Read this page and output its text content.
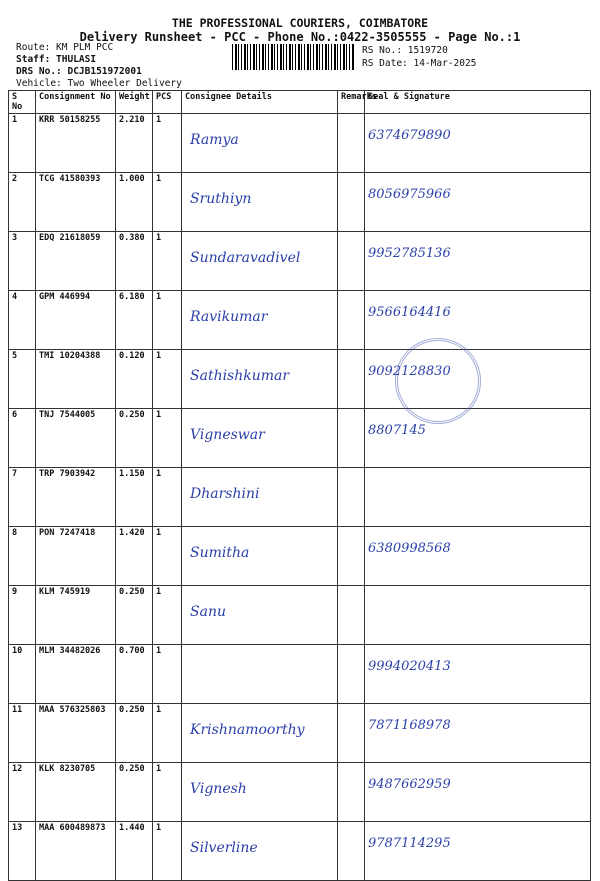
THE PROFESSIONAL COURIERS, COIMBATORE
Delivery Runsheet - PCC - Phone No.:0422-3505555 - Page No.:1
Route: KM PLM PCC
Staff: THULASI
DRS No.: DCJB151972001
Vehicle: Two Wheeler Delivery
RS No.: 1519720
RS Date: 14-Mar-2025
S No	Consignment No	Weight	PCS	Consignee Details	Remarks	Seal & Signature
1	KRR 50158255	2.210	1	Ramya		6374679890
2	TCG 41580393	1.000	1	Sruthiyn		8056975966
3	EDQ 21618059	0.380	1	Sundaravadivel		9952785136
4	GPM 446994	6.180	1	Ravikumar		9566164416
5	TMI 10204388	0.120	1	Sathishkumar		9092128830
6	TNJ 7544005	0.250	1	Vigneswar		8807145
7	TRP 7903942	1.150	1	Dharshini		
8	PON 7247418	1.420	1	Sumitha		6380998568
9	KLM 745919	0.250	1	Sanu		
10	MLM 34482026	0.700	1			9994020413
11	MAA 576325803	0.250	1	Krishnamoorthy		7871168978
12	KLK 8230705	0.250	1	Vignesh		9487662959
13	MAA 600489873	1.440	1	Silverline		9787114295
